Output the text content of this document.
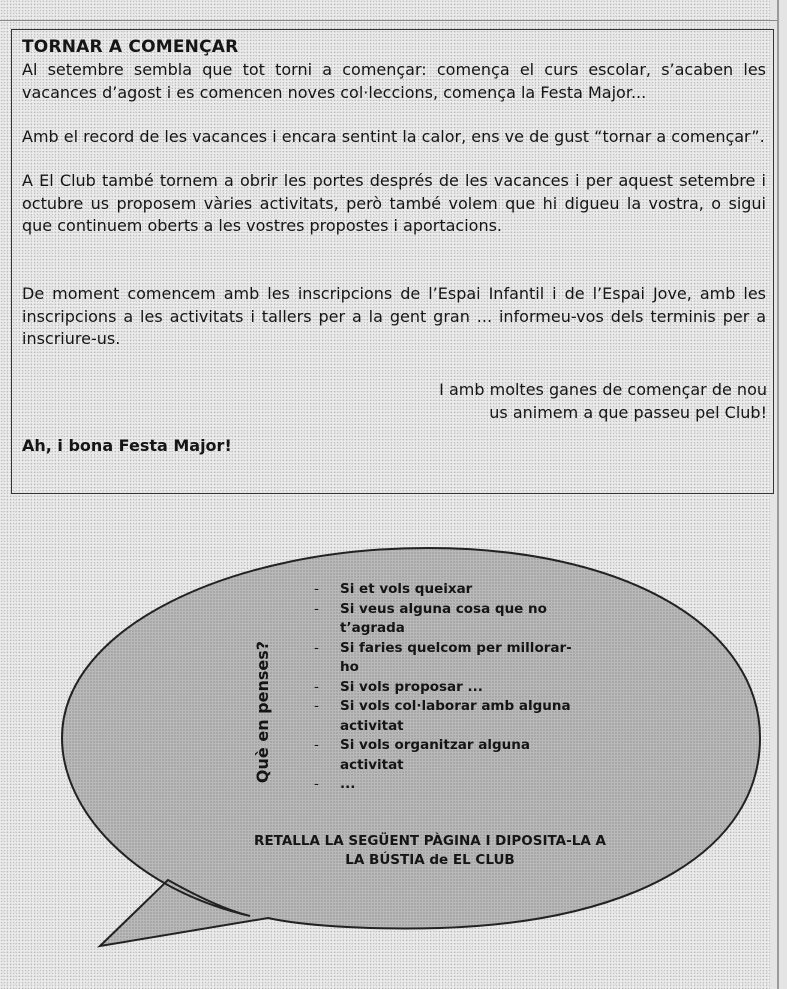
TORNAR A COMENÇAR

Al setembre sembla que tot torni a començar: comença el curs escolar, s’acaben les vacances d’agost i es comencen noves col·leccions, comença la Festa Major...

Amb el record de les vacances i encara sentint la calor, ens ve de gust “tornar a començar”.

A El Club també tornem a obrir les portes després de les vacances i per aquest setembre i octubre us proposem vàries activitats, però també volem que hi digueu la vostra, o sigui que continuem oberts a les vostres propostes i aportacions.

De moment comencem amb les inscripcions de l’Espai Infantil i de l’Espai Jove, amb les inscripcions a les activitats i tallers per a la gent gran ... informeu-vos dels terminis per a inscriure-us.

I amb moltes ganes de començar de nou
us animem a que passeu pel Club!
Ah, i bona Festa Major!
Què en penses?
- Si et vols queixar
- Si veus alguna cosa que no t’agrada
- Si faries quelcom per millorar-ho
- Si vols proposar ...
- Si vols col·laborar amb alguna activitat
- Si vols organitzar alguna activitat
- ...
RETALLA LA SEGÜENT PÀGINA I DIPOSITA-LA A
LA BÚSTIA de EL CLUB
